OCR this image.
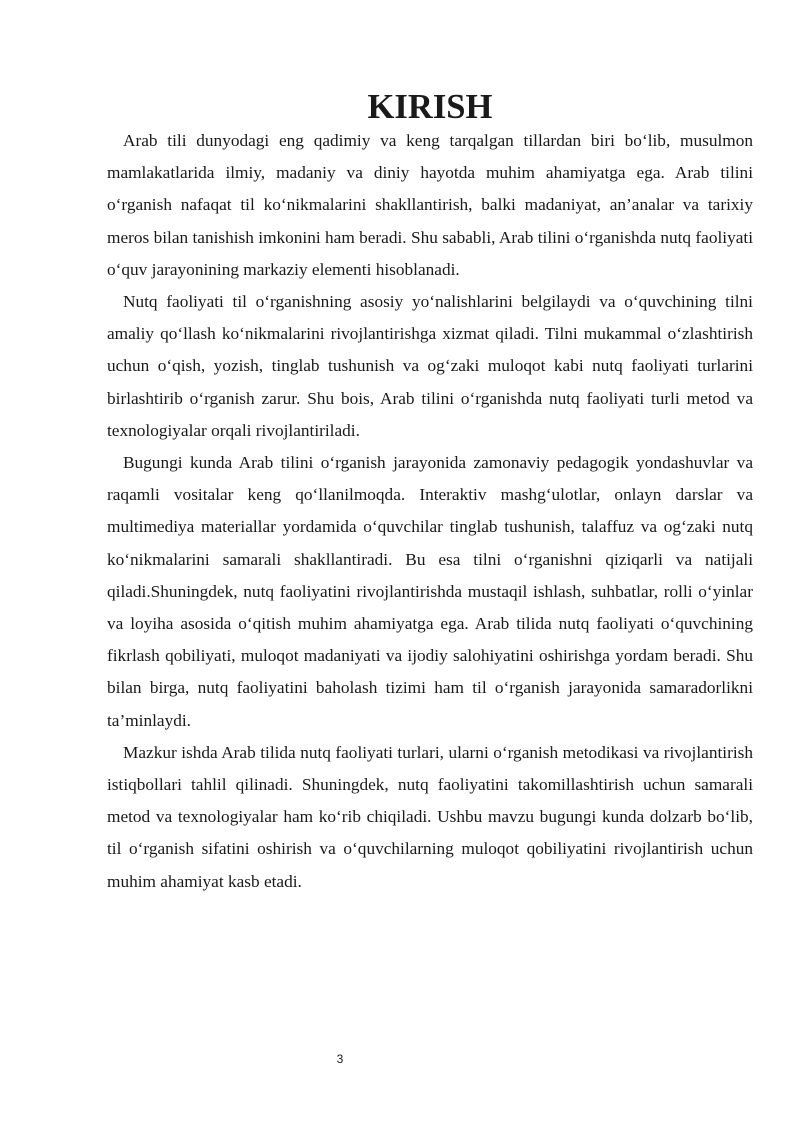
KIRISH

Arab tili dunyodagi eng qadimiy va keng tarqalgan tillardan biri bo‘lib, musulmon mamlakatlarida ilmiy, madaniy va diniy hayotda muhim ahamiyatga ega. Arab tilini o‘rganish nafaqat til ko‘nikmalarini shakllantirish, balki madaniyat, an’analar va tarixiy meros bilan tanishish imkonini ham beradi. Shu sababli, Arab tilini o‘rganishda nutq faoliyati o‘quv jarayonining markaziy elementi hisoblanadi.

Nutq faoliyati til o‘rganishning asosiy yo‘nalishlarini belgilaydi va o‘quvchining tilni amaliy qo‘llash ko‘nikmalarini rivojlantirishga xizmat qiladi. Tilni mukammal o‘zlashtirish uchun o‘qish, yozish, tinglab tushunish va og‘zaki muloqot kabi nutq faoliyati turlarini birlashtirib o‘rganish zarur. Shu bois, Arab tilini o‘rganishda nutq faoliyati turli metod va texnologiyalar orqali rivojlantiriladi.

Bugungi kunda Arab tilini o‘rganish jarayonida zamonaviy pedagogik yondashuvlar va raqamli vositalar keng qo‘llanilmoqda. Interaktiv mashg‘ulotlar, onlayn darslar va multimediya materiallar yordamida o‘quvchilar tinglab tushunish, talaffuz va og‘zaki nutq ko‘nikmalarini samarali shakllantiradi. Bu esa tilni o‘rganishni qiziqarli va natijali qiladi.Shuningdek, nutq faoliyatini rivojlantirishda mustaqil ishlash, suhbatlar, rolli o‘yinlar va loyiha asosida o‘qitish muhim ahamiyatga ega. Arab tilida nutq faoliyati o‘quvchining fikrlash qobiliyati, muloqot madaniyati va ijodiy salohiyatini oshirishga yordam beradi. Shu bilan birga, nutq faoliyatini baholash tizimi ham til o‘rganish jarayonida samaradorlikni ta’minlaydi.

Mazkur ishda Arab tilida nutq faoliyati turlari, ularni o‘rganish metodikasi va rivojlantirish istiqbollari tahlil qilinadi. Shuningdek, nutq faoliyatini takomillashtirish uchun samarali metod va texnologiyalar ham ko‘rib chiqiladi. Ushbu mavzu bugungi kunda dolzarb bo‘lib, til o‘rganish sifatini oshirish va o‘quvchilarning muloqot qobiliyatini rivojlantirish uchun muhim ahamiyat kasb etadi.

3
